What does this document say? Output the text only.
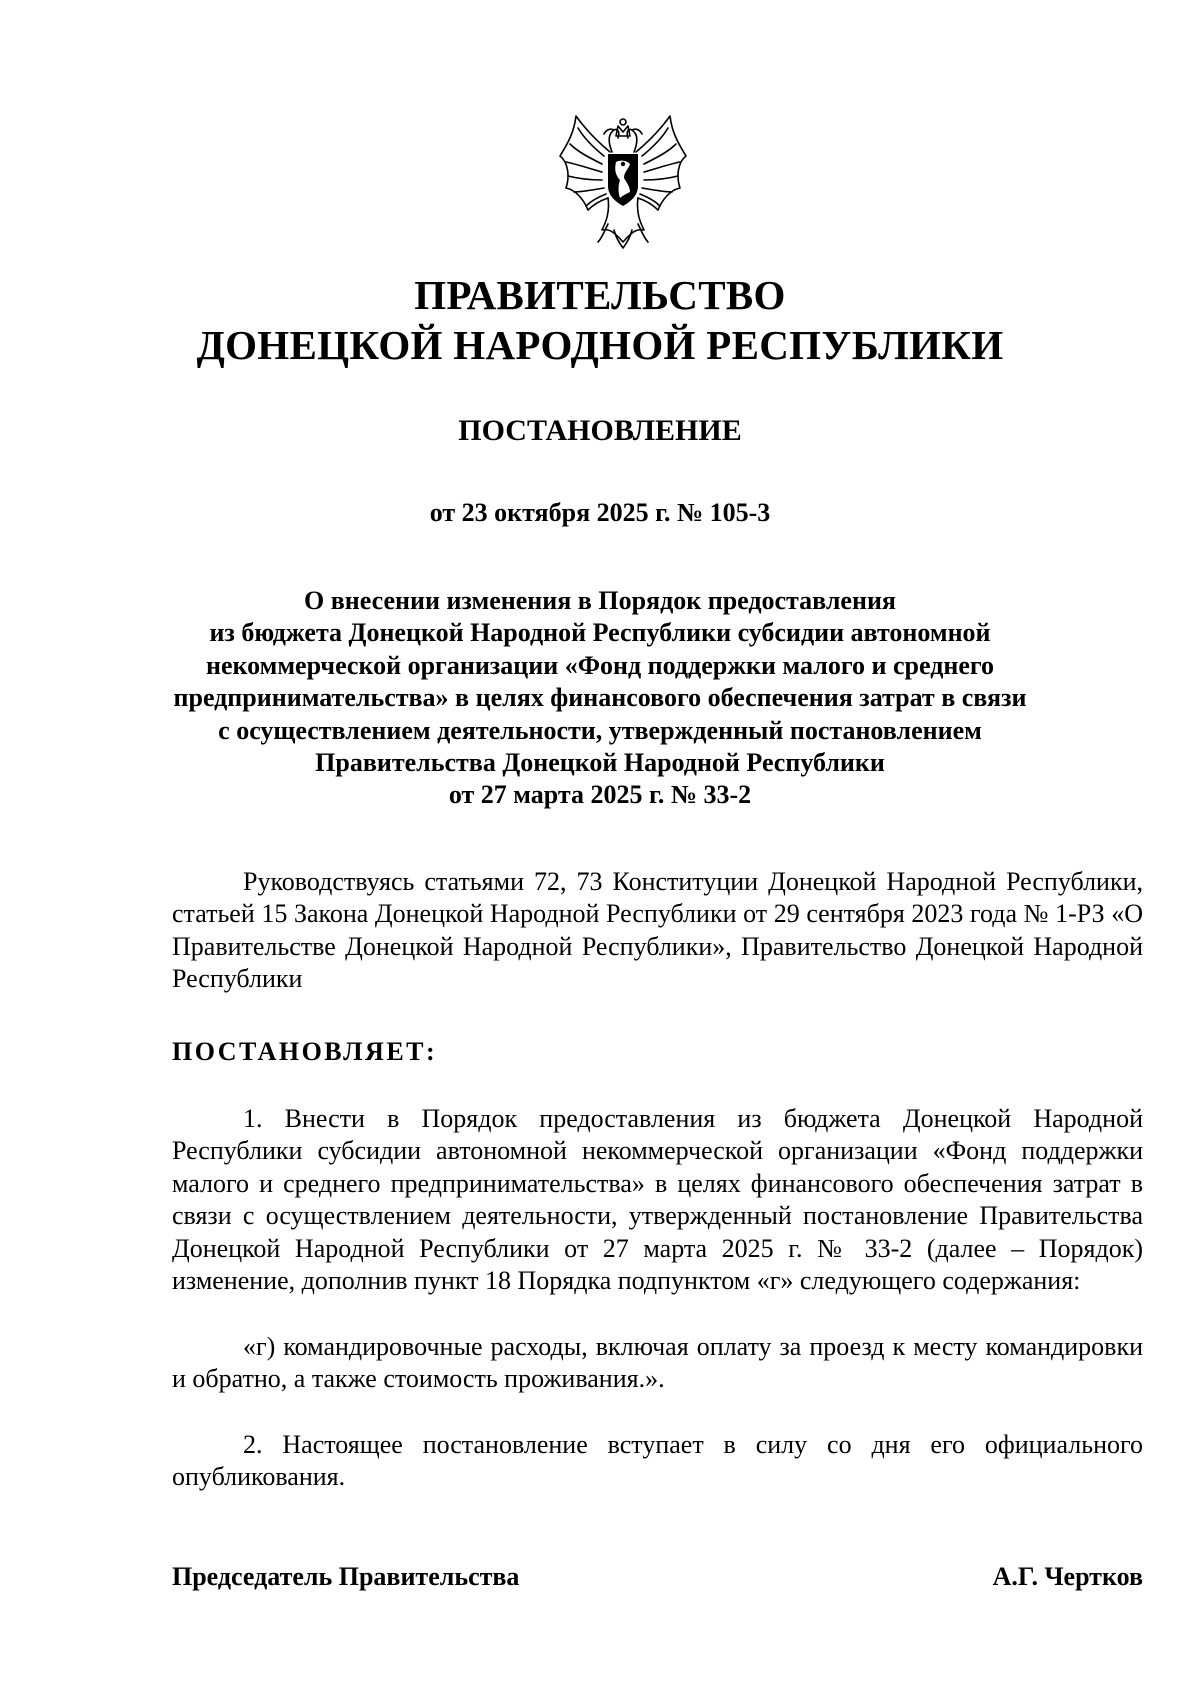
ПРАВИТЕЛЬСТВО
ДОНЕЦКОЙ НАРОДНОЙ РЕСПУБЛИКИ
ПОСТАНОВЛЕНИЕ
от 23 октября 2025 г. № 105-3
О внесении изменения в Порядок предоставления
из бюджета Донецкой Народной Республики субсидии автономной
некоммерческой организации «Фонд поддержки малого и среднего
предпринимательства» в целях финансового обеспечения затрат в связи
с осуществлением деятельности, утвержденный постановлением
Правительства Донецкой Народной Республики
от 27 марта 2025 г. № 33-2

Руководствуясь статьями 72, 73 Конституции Донецкой Народной Республики, статьей 15 Закона Донецкой Народной Республики от 29 сентября 2023 года № 1-РЗ «О Правительстве Донецкой Народной Республики», Правительство Донецкой Народной Республики

ПОСТАНОВЛЯЕТ:

1. Внести в Порядок предоставления из бюджета Донецкой Народной Республики субсидии автономной некоммерческой организации «Фонд поддержки малого и среднего предпринимательства» в целях финансового обеспечения затрат в связи с осуществлением деятельности, утвержденный постановление Правительства Донецкой Народной Республики от 27 марта 2025 г. № 33-2 (далее – Порядок) изменение, дополнив пункт 18 Порядка подпунктом «г» следующего содержания:

«г) командировочные расходы, включая оплату за проезд к месту командировки и обратно, а также стоимость проживания.».

2. Настоящее постановление вступает в силу со дня его официального опубликования.

Председатель Правительства	А.Г. Чертков
